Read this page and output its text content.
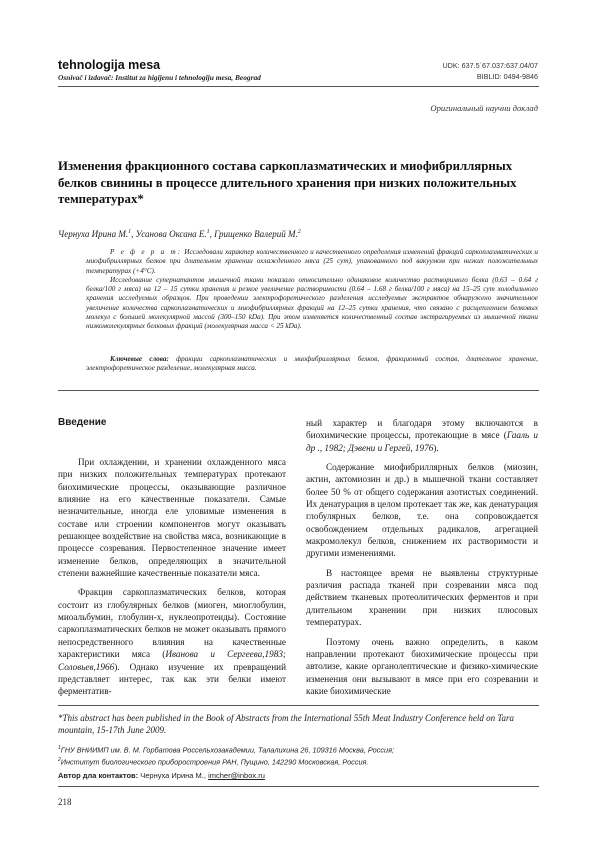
tehnologija mesa
Osnivač i izdavač: Institut za higijenu i tehnologiju mesa, Beograd
UDK: 637.5´67.037:637.04/07
BIBLID: 0494-9846
Оригинальный научни доклад
Изменения фракционного состава саркоплазматических и миофибриллярных белков свинины в процессе длительного хранения при низких положительных температурах*
Чернуха Ирина М.$^1$, Усанова Оксана Е.$^1$, Грищенко Валерий М.$^2$

Р е ф е р а т: Исследовали характер количественного и качественного определения изменений фракций саркоплазматических и миофибриллярных белков при длительном хранении охлажденного мяса (25 сут), упакованного под вакуумом при низких положительных температурах (+4°С).

Исследование супернатантов мышечной ткани показало относительно одинаковое количество растворимого белка (0.63 – 0.64 г белка/100 г мяса) на 12 – 15 сутки хранения и резкое увеличение растворимости (0.64 – 1.68 г белка/100 г мяса) на 15–25 сут холодильного хранения исследуемых образцов. При проведении электрофоретического разделения исследуемых экстрактов обнаружено значительное увеличение количества саркоплазматических и миофибриллярных фракций на 12–25 сутки хранения, что связано с расщеплением белковых молекул с большей молекулярной массой (300–150 kDa). При этом изменяется количественный состав экстрагируемых из мышечной ткани низкомолекулярных белковых фракций (молекулярная масса < 25 kDa).

Ключевые слова: фракции саркоплазматических и миофибриллярных белков, фракционный состав, длительное хранение, электрофоретическое разделение, молекулярная масса.
Введение

При охлаждении, и хранении охлажденного мяса при низких положительных температурах протекают биохимические процессы, оказывающие различное влияние на его качественные показатели. Самые незначительные, иногда еле уловимые изменения в составе или строении компонентов могут оказывать решающее воздействие на свойства мяса, возникающие в процессе созревания. Первостепенное значение имеет изменение белков, определяющих в значительной степени важнейшие качественные показатели мяса.

Фракция саркоплазматических белков, которая состоит из глобулярных белков (миоген, миоглобулин, миоальбумин, глобулин-x, нуклеопротеиды). Состояние саркоплазматических белков не может оказывать прямого непосредственного влияния на качественные характеристики мяса (Иванова и Сергеева,1983; Соловьев,1966). Однако изучение их превращений представляет интерес, так как эти белки имеют ферментатив-

ный характер и благодаря этому включаются в биохимические процессы, протекающие в мясе (Гааль и др ., 1982; Дэвени и Гергей, 1976).

Содержание миофибриллярных белков (миозин, актин, актомиозин и др.) в мышечной ткани составляет более 50 % от общего содержания азотистых соединений. Их денатурация в целом протекает так же, как денатурация глобулярных белков, т.е. она сопровождается освобождением отдельных радикалов, агрегацией макромолекул белков, снижением их растворимости и другими изменениями.

В настоящее время не выявлены структурные различия распада тканей при созревании мяса под действием тканевых протеолитических ферментов и при длительном хранении при низких плюсовых температурах.

Поэтому очень важно определить, в каком направлении протекают биохимические процессы при автолизе, какие органолептические и физико-химические изменения они вызывают в мясе при его созревании и какие биохимические

*This abstract has been published in the Book of Abstracts from the International 55th Meat Industry Conference held on Tara mountain, 15-17th June 2009.
$^1$ГНУ ВНИИМП им. В. М. Горбатова Россельхозакадемии, Талалихина 26, 109316 Москва, Россия;
$^2$Институт биологического приборостроения РАН, Пущино, 142290 Московская, Россия.
Автор дла контактов: Чернуха Ирина М., imcher@inbox.ru
218
